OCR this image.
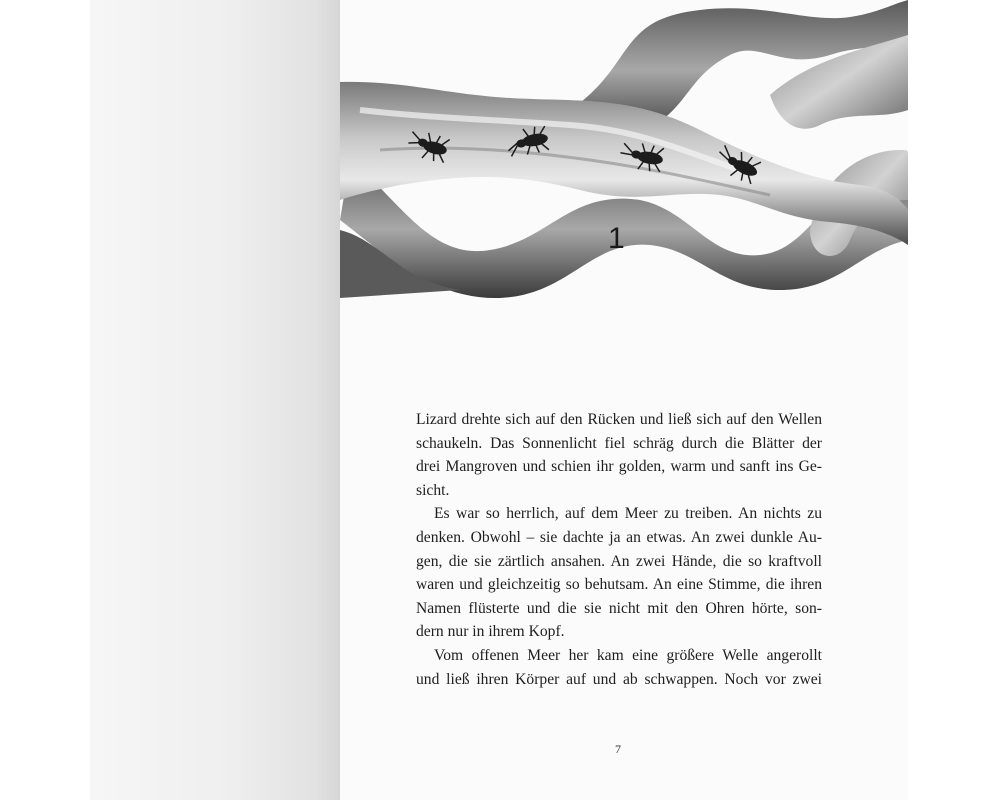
1
Lizard drehte sich auf den Rücken und ließ sich auf den Wellen
schaukeln. Das Sonnenlicht fiel schräg durch die Blätter der
drei Mangroven und schien ihr golden, warm und sanft ins Ge-
sicht.
Es war so herrlich, auf dem Meer zu treiben. An nichts zu
denken. Obwohl – sie dachte ja an etwas. An zwei dunkle Au-
gen, die sie zärtlich ansahen. An zwei Hände, die so kraftvoll
waren und gleichzeitig so behutsam. An eine Stimme, die ihren
Namen flüsterte und die sie nicht mit den Ohren hörte, son-
dern nur in ihrem Kopf.
Vom offenen Meer her kam eine größere Welle angerollt
und ließ ihren Körper auf und ab schwappen. Noch vor zwei
7
